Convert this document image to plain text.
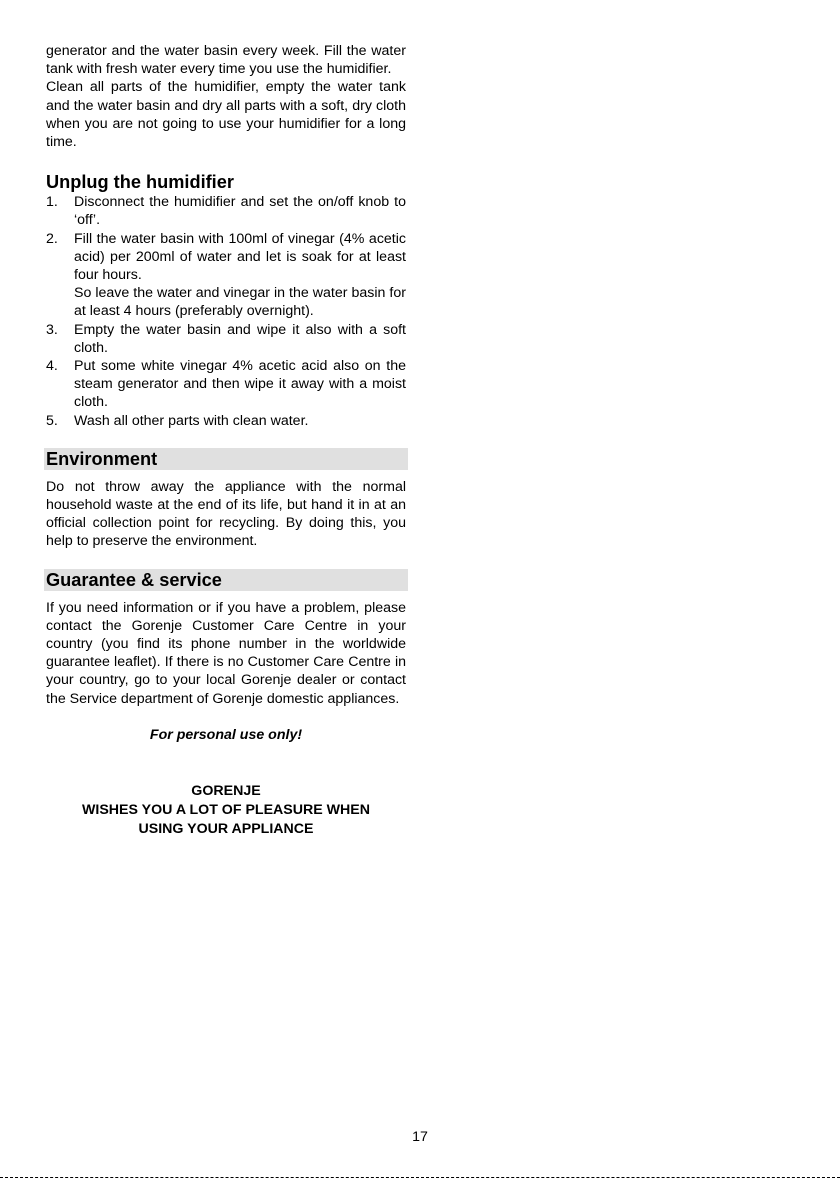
generator and the water basin every week. Fill the water tank with fresh water every time you use the humidifier.

Clean all parts of the humidifier, empty the water tank and the water basin and dry all parts with a soft, dry cloth when you are not going to use your humidifier for a long time.

Unplug the humidifier
1. Disconnect the humidifier and set the on/off knob to ‘off’.
2. Fill the water basin with 100ml of vinegar (4% acetic acid) per 200ml of water and let is soak for at least four hours.
So leave the water and vinegar in the water basin for at least 4 hours (preferably overnight).
3. Empty the water basin and wipe it also with a soft cloth.
4. Put some white vinegar 4% acetic acid also on the steam generator and then wipe it away with a moist cloth.
5. Wash all other parts with clean water.
Environment

Do not throw away the appliance with the normal household waste at the end of its life, but hand it in at an official collection point for recycling. By doing this, you help to preserve the environment.

Guarantee & service

If you need information or if you have a problem, please contact the Gorenje Customer Care Centre in your country (you find its phone number in the worldwide guarantee leaflet). If there is no Customer Care Centre in your country, go to your local Gorenje dealer or contact the Service department of Gorenje domestic appliances.

For personal use only!

GORENJE
WISHES YOU A LOT OF PLEASURE WHEN
USING YOUR APPLIANCE
17
